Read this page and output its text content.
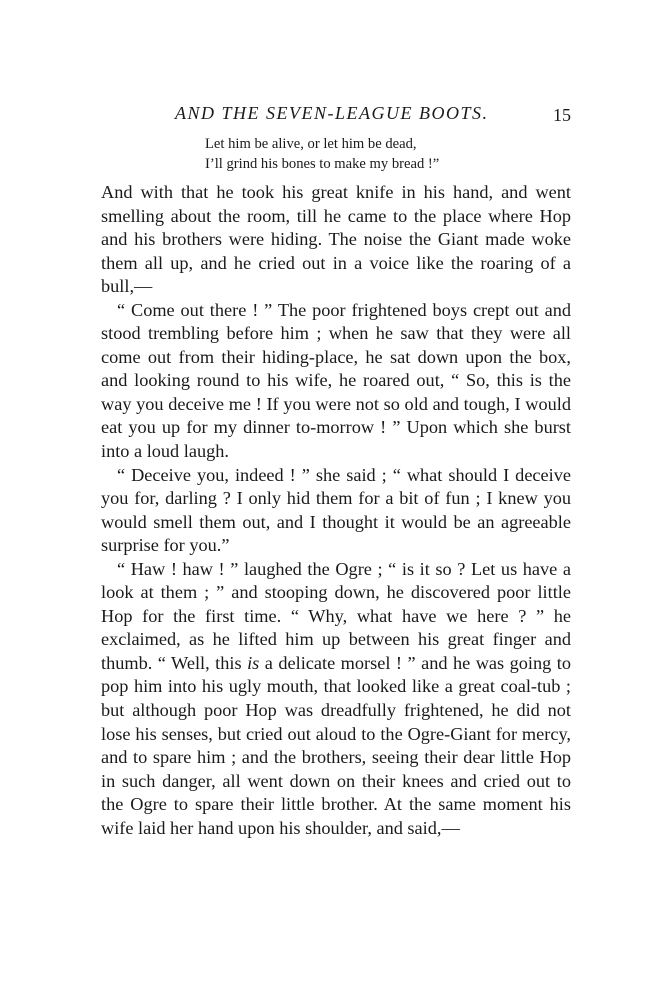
AND THE SEVEN-LEAGUE BOOTS.	15
Let him be alive, or let him be dead,
I’ll grind his bones to make my bread !”

And with that he took his great knife in his hand, and went smelling about the room, till he came to the place where Hop and his brothers were hiding. The noise the Giant made woke them all up, and he cried out in a voice like the roaring of a bull,—

“ Come out there ! ” The poor frightened boys crept out and stood trembling before him ; when he saw that they were all come out from their hiding-place, he sat down upon the box, and looking round to his wife, he roared out, “ So, this is the way you deceive me ! If you were not so old and tough, I would eat you up for my dinner to-morrow ! ” Upon which she burst into a loud laugh.

“ Deceive you, indeed ! ” she said ; “ what should I deceive you for, darling ? I only hid them for a bit of fun ; I knew you would smell them out, and I thought it would be an agreeable surprise for you.”

“ Haw ! haw ! ” laughed the Ogre ; “ is it so ? Let us have a look at them ; ” and stooping down, he discovered poor little Hop for the first time. “ Why, what have we here ? ” he exclaimed, as he lifted him up between his great finger and thumb. “ Well, this is a delicate morsel ! ” and he was going to pop him into his ugly mouth, that looked like a great coal-tub ; but although poor Hop was dreadfully frightened, he did not lose his senses, but cried out aloud to the Ogre-Giant for mercy, and to spare him ; and the brothers, seeing their dear little Hop in such danger, all went down on their knees and cried out to the Ogre to spare their little brother. At the same moment his wife laid her hand upon his shoulder, and said,—
